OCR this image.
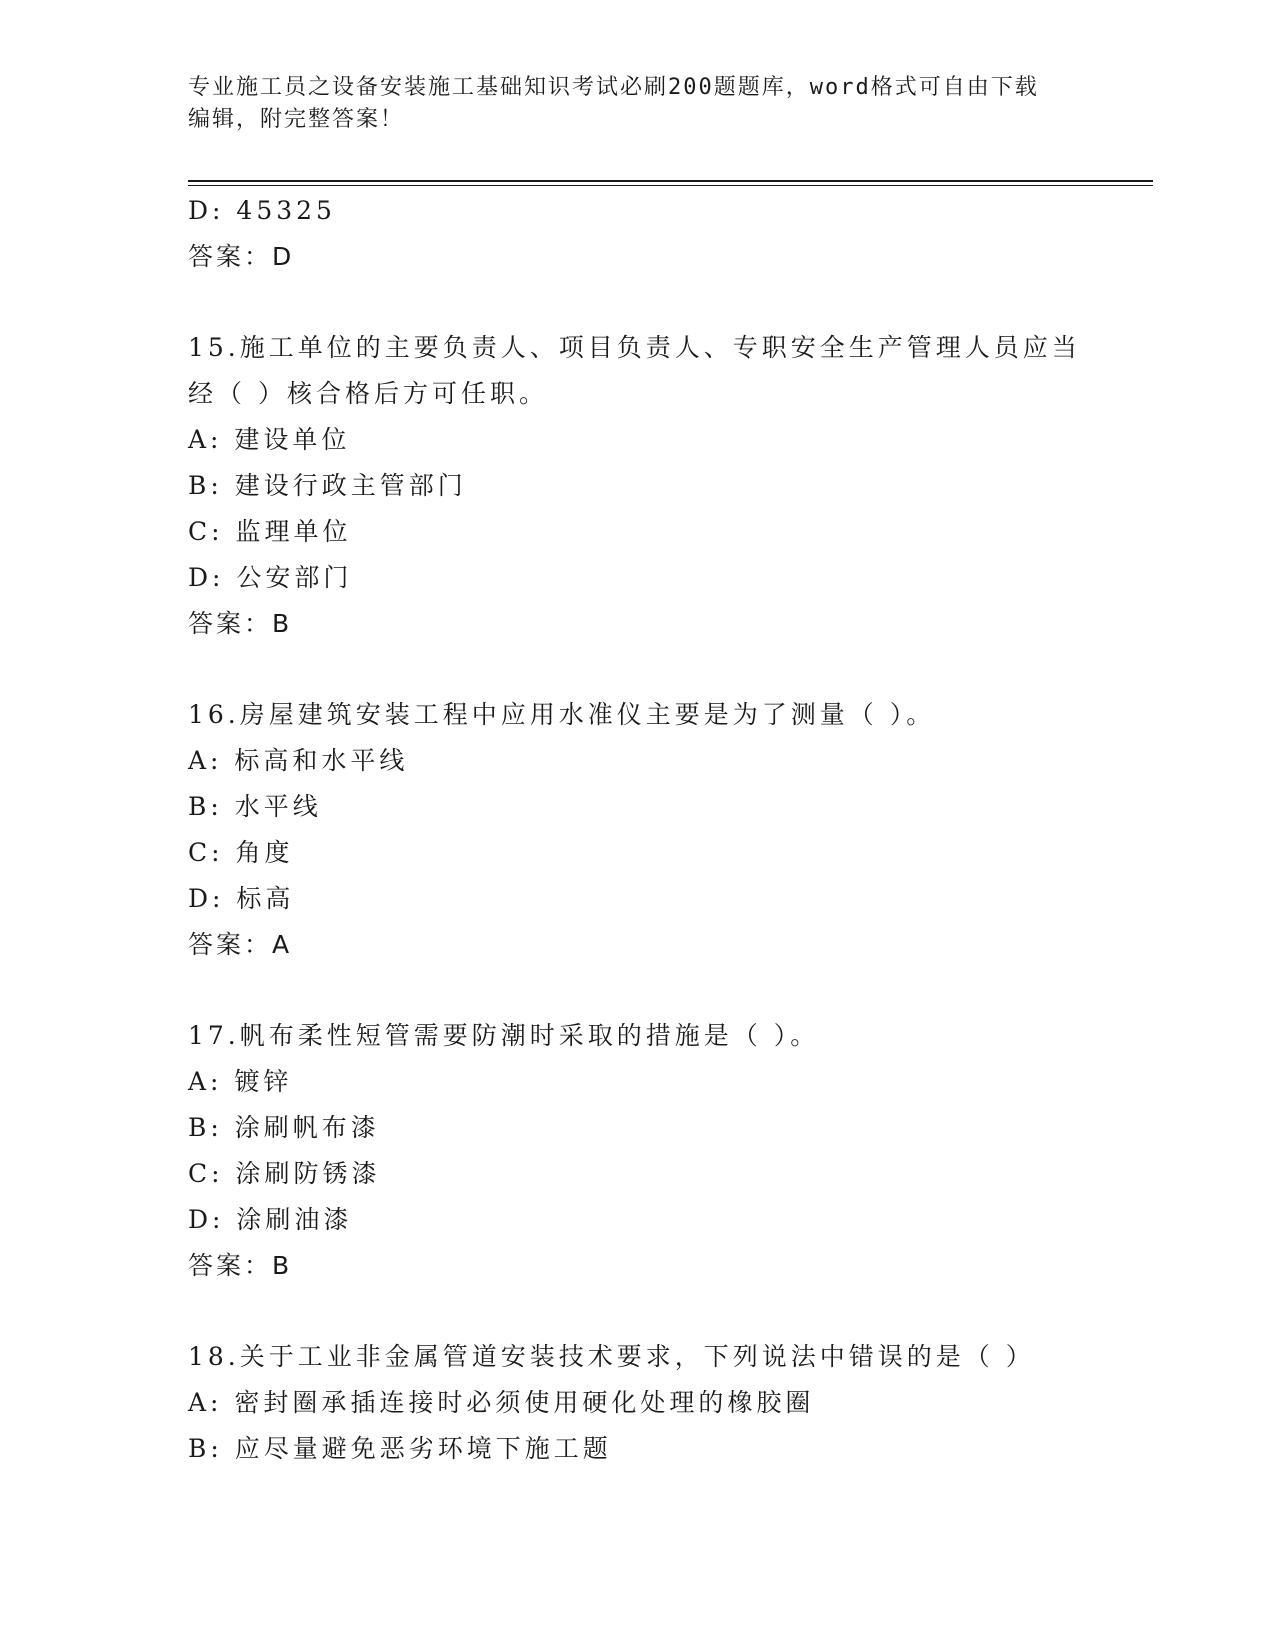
专业施工员之设备安装施工基础知识考试必刷200题题库，word格式可自由下载
编辑，附完整答案！
D: 45325
答案：D
15.施工单位的主要负责人、项目负责人、专职安全生产管理人员应当
经（ ）核合格后方可任职。
A: 建设单位
B: 建设行政主管部门
C: 监理单位
D: 公安部门
答案：B
16.房屋建筑安装工程中应用水准仪主要是为了测量（ ）。
A: 标高和水平线
B: 水平线
C: 角度
D: 标高
答案：A
17.帆布柔性短管需要防潮时采取的措施是（ ）。
A: 镀锌
B: 涂刷帆布漆
C: 涂刷防锈漆
D: 涂刷油漆
答案：B
18.关于工业非金属管道安装技术要求，下列说法中错误的是（ ）
A: 密封圈承插连接时必须使用硬化处理的橡胶圈
B: 应尽量避免恶劣环境下施工题
